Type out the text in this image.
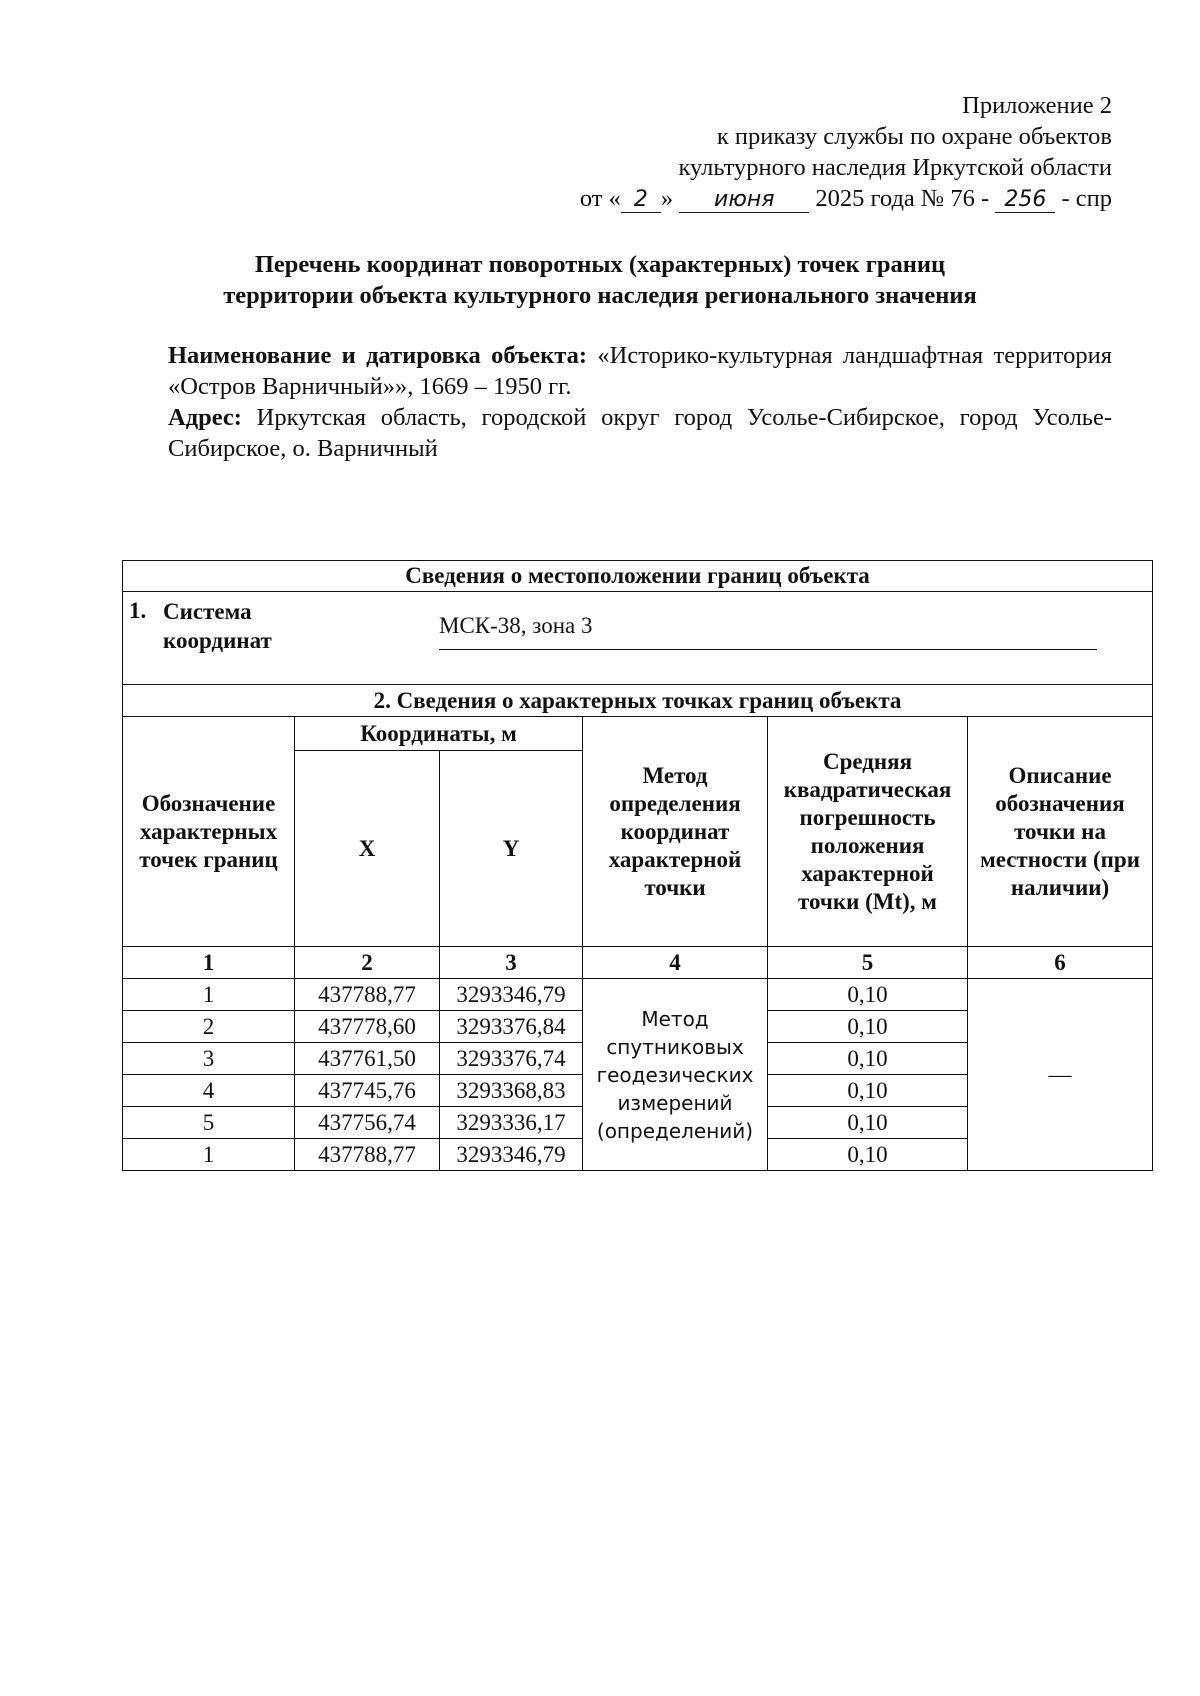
Приложение 2
к приказу службы по охране объектов
культурного наследия Иркутской области
от « 2 » июня 2025 года № 76 - 256 - спр
Перечень координат поворотных (характерных) точек границ
территории объекта культурного наследия регионального значения
Наименование и датировка объекта: «Историко-культурная ландшафтная территория «Остров Варничный»», 1669 – 1950 гг.
Адрес: Иркутская область, городской округ город Усолье-Сибирское, город Усолье-Сибирское, о. Варничный
Сведения о местоположении границ объекта					

1. Система
координат
МСК-38, зона 3					

2. Сведения о характерных точках границ объекта					
Обозначение характерных точек границ	Координаты, м		Метод определения координат характерной точки	Средняя квадратическая погрешность положения характерной точки (Mt), м	Описание обозначения точки на местности (при наличии)
	X	Y			
1	2	3	4	5	6
1	437788,77	3293346,79	Метод спутниковых геодезических измерений (определений)	0,10	—
2	437778,60	3293376,84		0,10	
3	437761,50	3293376,74		0,10	
4	437745,76	3293368,83		0,10	
5	437756,74	3293336,17		0,10	
1	437788,77	3293346,79		0,10	
